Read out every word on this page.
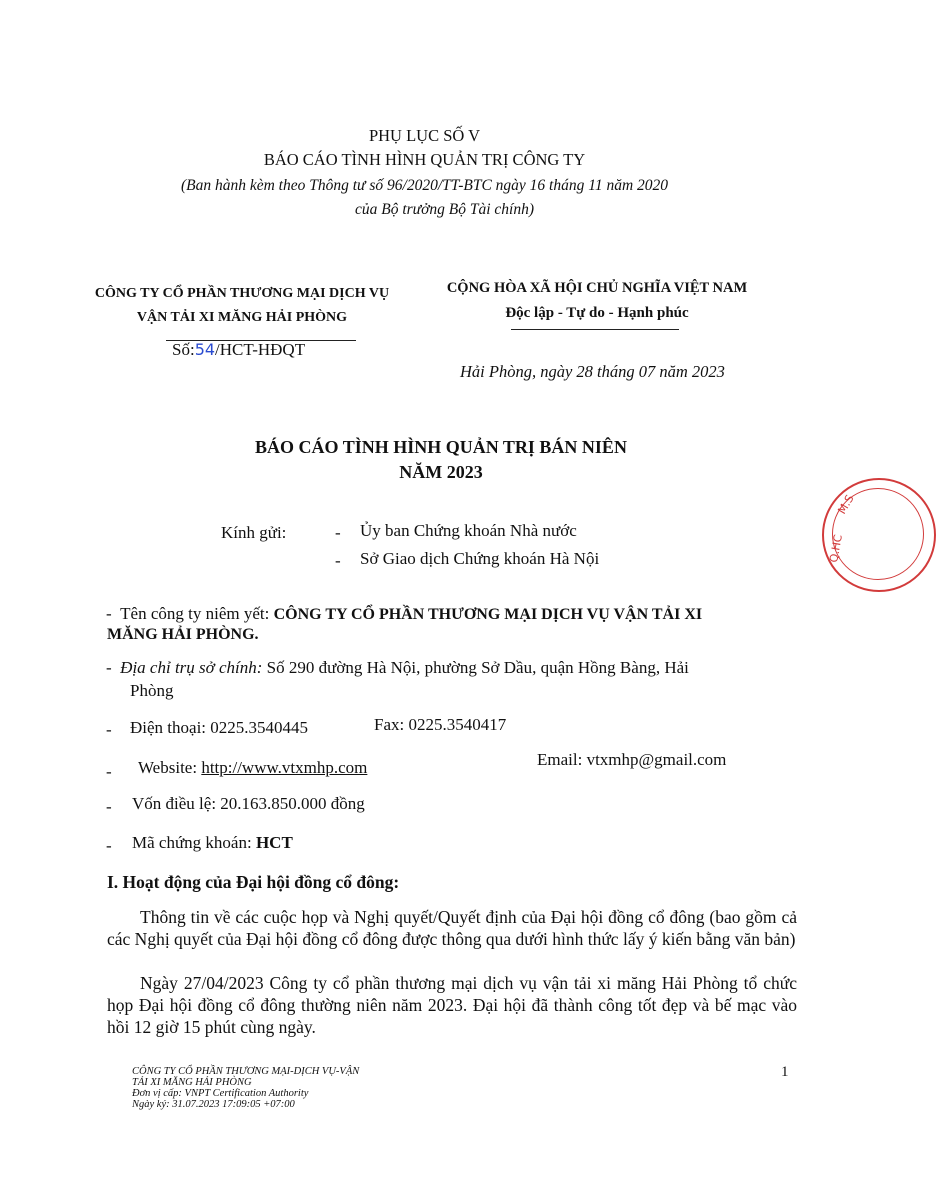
PHỤ LỤC SỐ V
BÁO CÁO TÌNH HÌNH QUẢN TRỊ CÔNG TY
(Ban hành kèm theo Thông tư số 96/2020/TT-BTC ngày 16 tháng 11 năm 2020
của Bộ trưởng Bộ Tài chính)
CÔNG TY CỔ PHẦN THƯƠNG MẠI DỊCH VỤ
VẬN TẢI XI MĂNG HẢI PHÒNG
Số:54/HCT-HĐQT
CỘNG HÒA XÃ HỘI CHỦ NGHĨA VIỆT NAM
Độc lập - Tự do - Hạnh phúc
Hải Phòng, ngày 28 tháng 07 năm 2023
BÁO CÁO TÌNH HÌNH QUẢN TRỊ BÁN NIÊN
NĂM 2023
Kính gửi:	- Ủy ban Chứng khoán Nhà nước
- Sở Giao dịch Chứng khoán Hà Nội
-  Tên công ty niêm yết: CÔNG TY CỔ PHẦN THƯƠNG MẠI DỊCH VỤ VẬN TẢI XI
MĂNG HẢI PHÒNG.
-  Địa chỉ trụ sở chính: Số 290 đường Hà Nội, phường Sở Dầu, quận Hồng Bàng, Hải
Phòng
- Điện thoại: 0225.3540445	Fax: 0225.3540417
- Website: http://www.vtxmhp.com	Email: vtxmhp@gmail.com
- Vốn điều lệ: 20.163.850.000 đồng
- Mã chứng khoán: HCT
I. Hoạt động của Đại hội đồng cổ đông:
Thông tin về các cuộc họp và Nghị quyết/Quyết định của Đại hội đồng cổ đông (bao gồm cả các Nghị quyết của Đại hội đồng cổ đông được thông qua dưới hình thức lấy ý kiến bằng văn bản)
Ngày 27/04/2023 Công ty cổ phần thương mại dịch vụ vận tải xi măng Hải Phòng tổ chức họp Đại hội đồng cổ đông thường niên năm 2023. Đại hội đã thành công tốt đẹp và bế mạc vào hồi 12 giờ 15 phút cùng ngày.
CÔNG TY CỔ PHẦN THƯƠNG MẠI-DỊCH VỤ-VẬN
TẢI XI MĂNG HẢI PHÒNG
Đơn vị cấp: VNPT Certification Authority
Ngày ký: 31.07.2023 17:09:05 +07:00
1
M.S
Q.HC
